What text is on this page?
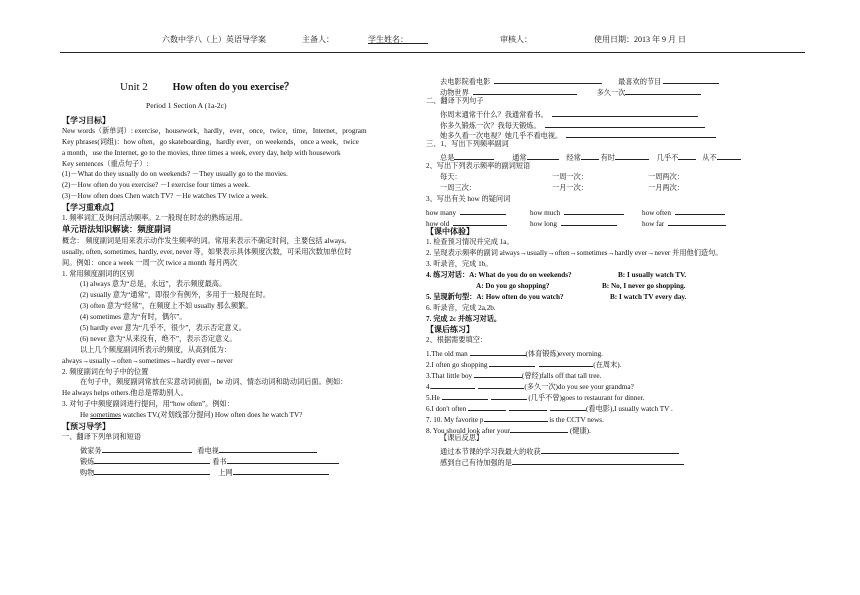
六数中学八（上）英语导学案	主备人：	学生姓名：	审核人：	使用日期：2013 年 9 月 日
Unit 2 How often do you exercise？
Period 1 Section A (1a-2c)
【学习目标】
New words（新单词）: exercise，housework，hardly，ever，once，twice，time，Internet，program
Key phrases(词组)：how often，go skateboarding，hardly ever，on weekends，once a week，twice
a month，use the Internet, go to the movies, three times a week, every day, help with housework
Key sentences（重点句子）:
(1)－What do they usually do on weekends? －They usually go to the movies.
(2)－How often do you exercise? －I exercise four times a week.
(3)－How often does Chen watch TV? －He watches TV twice a week.
【学习重难点】
1. 频率词汇及询问活动频率。2.一般现在时态的熟练运用。
单元语法知识解读：频度副词
概念： 频度副词是用来表示动作发生频率的词。常用来表示不确定时间，主要包括 always,
usually, often, sometimes, hardly, ever, never 等，如果表示具体频度次数，可采用次数加单位时
间。例如：once a week 一周一次 twice a month 每月两次
1. 常用频度副词的区别
(1) always 意为“总是，永远”，表示频度最高。
(2) usually 意为“通常”，即很少有例外，多用于一般现在时。
(3) often 意为“经常”，在频度上不如 usually 那么频繁。
(4) sometimes 意为“有时，偶尔”。
(5) hardly ever 意为“几乎不，很少”，表示否定意义。
(6) never 意为“从来没有，绝不”，表示否定意义。
以上几个频度副词所表示的频度，从高到低为：
always→usually→often→sometimes→hardly ever→never
2. 频度副词在句子中的位置
在句子中，频度副词常放在实意动词前面，be 动词、情态动词和助动词后面。例如：
He always helps others.他总是帮助别人。
3. 对句子中频度副词进行提问，用“how often”。例如：
He sometimes watches TV.(对划线部分提问) How often does he watch TV?
【预习导学】
一、翻译下列单词和短语
做家务	看电视
锻炼	看书
购物	上网
去电影院看电影	最喜欢的节目
动物世界	多久一次
二、翻译下列句子
你周末通常干什么？我通常看书。
你多久锻炼一次？我每天锻炼。
她多久看一次电视？她几乎不看电视。
三、1、写出下列频率副词
总是	通常	经常	有时	几乎不	从不
2、写出下列表示频率的副词短语
每天：	一周一次：	一周两次：
一周三次：	一月一次：	一月两次：
3、写出有关 how 的疑问词
how many	how much	how often
how old	how long	how far
【课中体验】
1. 检查预习情况并完成 1a。
2. 呈现表示频率的副词 always→usually→often→sometimes→hardly ever→never 并用他们造句。
3. 听录音，完成 1b。
4. 练习对话：A: What do you do on weekends?	B: I usually watch TV.
A: Do you go shopping?	B: No, I never go shopping.
5. 呈现新句型：A: How often do you watch?	B: I watch TV every day.
6. 听录音，完成 2a,2b.
7. 完成 2c 并练习对话。
【课后练习】
2、根据需要填空：
1.The old man	(体育锻炼)every morning.
2.I often go shopping	(在周末).
3.That little boy	(曾经)falls off that tall tree.
4.	(多久一次)do you see your grandma?
5.He	(几乎不曾)goes to restaurant for dinner.
6.I don't often	(看电影),I usually watch TV .
7. 10. My favorite p	is the CCTV news.
8. You should look after your	(健康).
【课后反思】
通过本节课的学习我最大的收获
感到自己有待加强的是
